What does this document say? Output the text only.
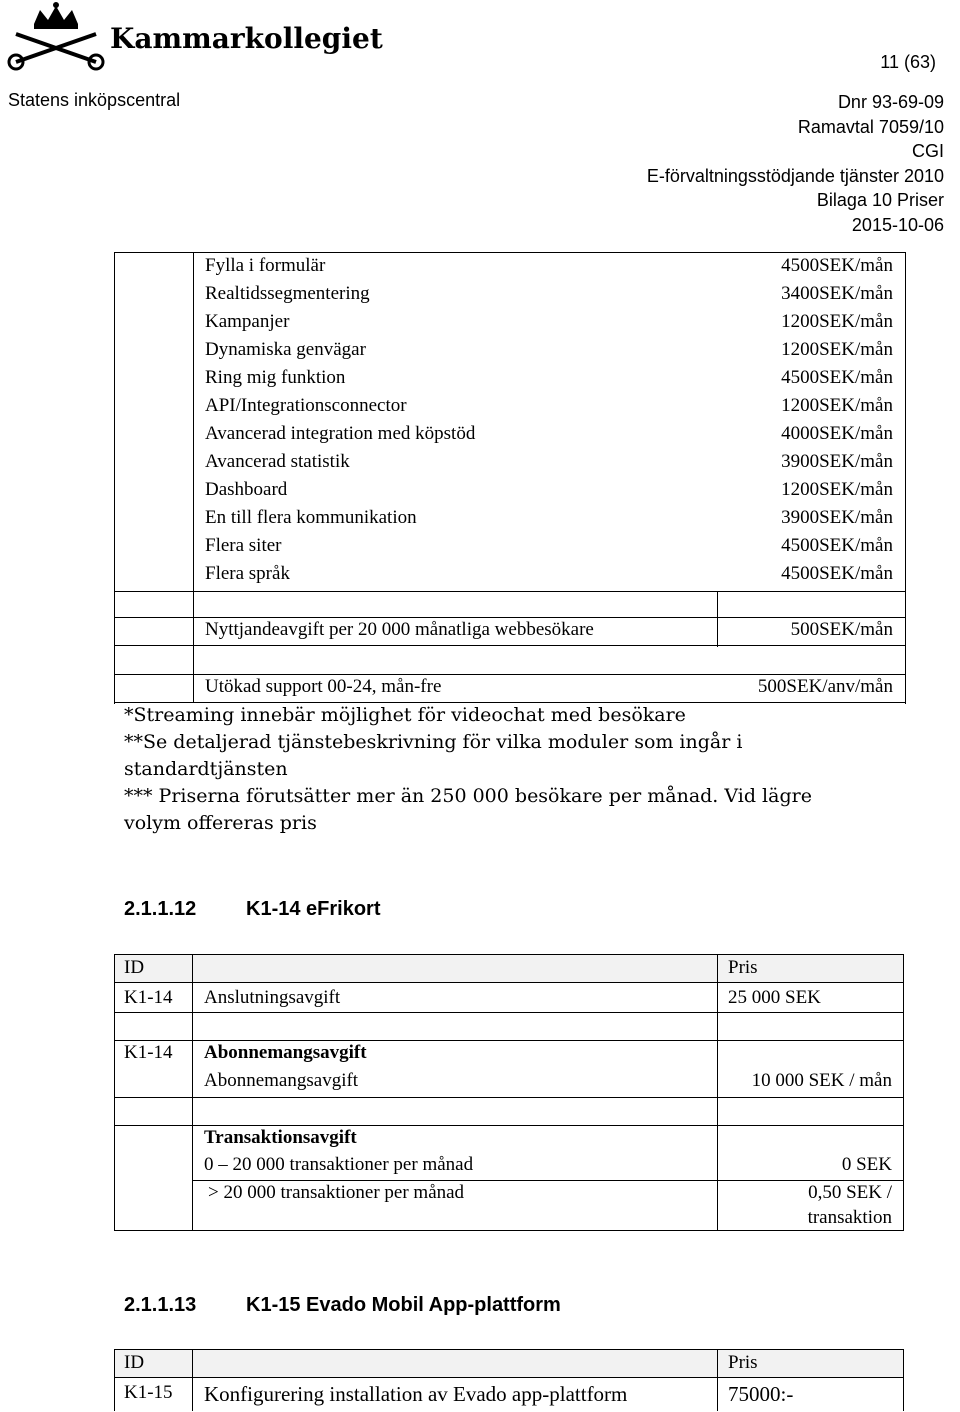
Kammarkollegiet
11 (63)
Statens inköpscentral	Dnr 93-69-09
Ramavtal 7059/10
CGI
E-förvaltningsstödjande tjänster 2010
Bilaga 10 Priser
2015-10-06
Fylla i formulär	4500SEK/mån
Realtidssegmentering	3400SEK/mån
Kampanjer	1200SEK/mån
Dynamiska genvägar	1200SEK/mån
Ring mig funktion	4500SEK/mån
API/Integrationsconnector	1200SEK/mån
Avancerad integration med köpstöd	4000SEK/mån
Avancerad statistik	3900SEK/mån
Dashboard	1200SEK/mån
En till flera kommunikation	3900SEK/mån
Flera siter	4500SEK/mån
Flera språk	4500SEK/mån
Nyttjandeavgift per 20 000 månatliga webbesökare	500SEK/mån
Utökad support 00-24, mån-fre	500SEK/anv/mån
*Streaming innebär möjlighet för videochat med besökare
**Se detaljerad tjänstebeskrivning för vilka moduler som ingår i standardtjänsten
*** Priserna förutsätter mer än 250 000 besökare per månad. Vid lägre volym offereras pris
2.1.1.12 K1-14 eFrikort
ID	Pris
K1-14 Anslutningsavgift	25 000 SEK
K1-14 Abonnemangsavgift
Abonnemangsavgift	10 000 SEK / mån
Transaktionsavgift
0 – 20 000 transaktioner per månad	0 SEK
> 20 000 transaktioner per månad	0,50 SEK /
transaktion
2.1.1.13 K1-15 Evado Mobil App-plattform
ID	Pris
K1-15 Konfigurering installation av Evado app-plattform	75000:-
